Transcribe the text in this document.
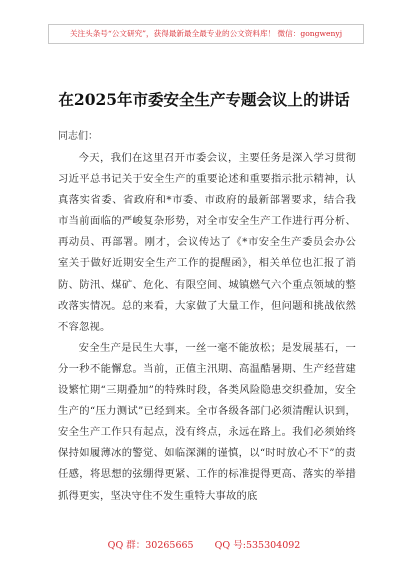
关注头条号“公文研究”，获得最新最全最专业的公文资料库！ 微信：gongwenyj
在2025年市委安全生产专题会议上的讲话
同志们：

今天，我们在这里召开市委会议，主要任务是深入学习贯彻习近平总书记关于安全生产的重要论述和重要指示批示精神，认真落实省委、省政府和*市委、市政府的最新部署要求，结合我市当前面临的严峻复杂形势，对全市安全生产工作进行再分析、再动员、再部署。刚才，会议传达了《*市安全生产委员会办公室关于做好近期安全生产工作的提醒函》，相关单位也汇报了消防、防汛、煤矿、危化、有限空间、城镇燃气六个重点领域的整改落实情况。总的来看，大家做了大量工作，但问题和挑战依然不容忽视。

安全生产是民生大事，一丝一毫不能放松；是发展基石，一分一秒不能懈怠。当前，正值主汛期、高温酷暑期、生产经营建设繁忙期“三期叠加”的特殊时段，各类风险隐患交织叠加，安全生产的“压力测试”已经到来。全市各级各部门必须清醒认识到，安全生产工作只有起点，没有终点，永远在路上。我们必须始终保持如履薄冰的警觉、如临深渊的谨慎，以“时时放心不下”的责任感，将思想的弦绷得更紧、工作的标准提得更高、落实的举措抓得更实，坚决守住不发生重特大事故的底

QQ 群：30265665 QQ 号:535304092
